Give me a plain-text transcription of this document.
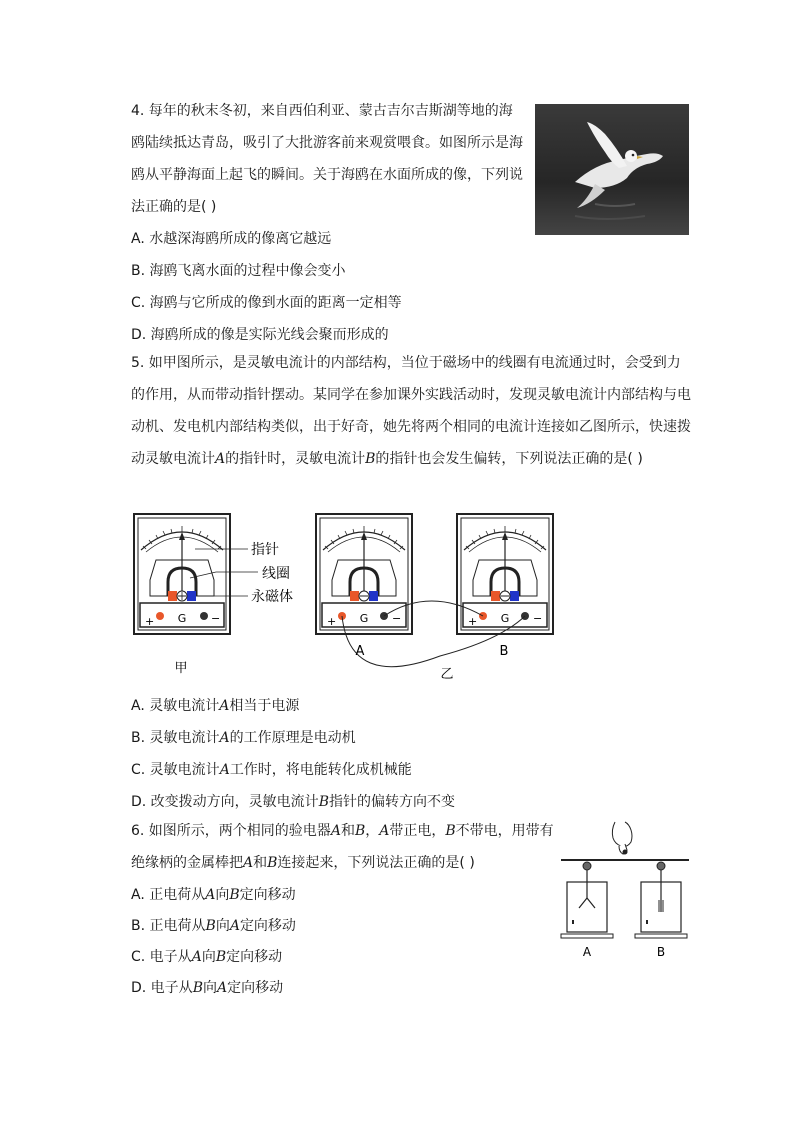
4. 每年的秋末冬初，来自西伯利亚、蒙古吉尔吉斯湖等地的海
鸥陆续抵达青岛，吸引了大批游客前来观赏喂食。如图所示是海
鸥从平静海面上起飞的瞬间。关于海鸥在水面所成的像，下列说
法正确的是( )
A. 水越深海鸥所成的像离它越远
B. 海鸥飞离水面的过程中像会变小
C. 海鸥与它所成的像到水面的距离一定相等
D. 海鸥所成的像是实际光线会聚而形成的
5. 如甲图所示，是灵敏电流计的内部结构，当位于磁场中的线圈有电流通过时，会受到力
的作用，从而带动指针摆动。某同学在参加课外实践活动时，发现灵敏电流计内部结构与电
动机、发电机内部结构类似，出于好奇，她先将两个相同的电流计连接如乙图所示，快速拨
动灵敏电流计A的指针时，灵敏电流计B的指针也会发生偏转，下列说法正确的是( )
+ G −
指针
线圈
永磁体
+ G −	+ G −
甲
A	B
乙
A. 灵敏电流计A相当于电源
B. 灵敏电流计A的工作原理是电动机
C. 灵敏电流计A工作时，将电能转化成机械能
D. 改变拨动方向，灵敏电流计B指针的偏转方向不变
6. 如图所示，两个相同的验电器A和B，A带正电，B不带电，用带有
绝缘柄的金属棒把A和B连接起来，下列说法正确的是( )
A	B
A. 正电荷从A向B定向移动
B. 正电荷从B向A定向移动
C. 电子从A向B定向移动
D. 电子从B向A定向移动
